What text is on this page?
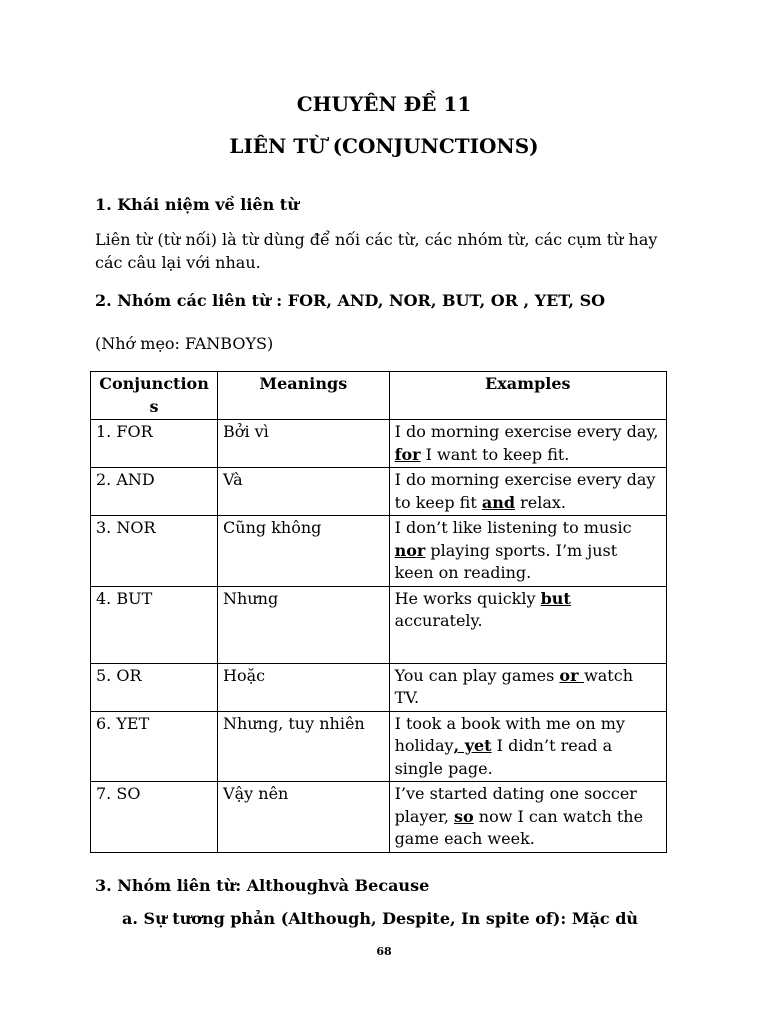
CHUYÊN ĐỀ 11
LIÊN TỪ (CONJUNCTIONS)
1. Khái niệm về liên từ
Liên từ (từ nối) là từ dùng để nối các từ, các nhóm từ, các cụm từ hay các câu lại với nhau.
2. Nhóm các liên từ : FOR, AND, NOR, BUT, OR , YET, SO
(Nhớ mẹo: FANBOYS)
Conjunction s	Meanings	Examples
1. FOR	Bởi vì	I do morning exercise every day, for I want to keep fit.
2. AND	Và	I do morning exercise every day to keep fit and relax.
3. NOR	Cũng không	I don’t like listening to music nor playing sports. I’m just keen on reading.
4. BUT	Nhưng	He works quickly but accurately.
5. OR	Hoặc	You can play games or watch TV.
6. YET	Nhưng, tuy nhiên	I took a book with me on my holiday, yet I didn’t read a single page.
7. SO	Vậy nên	I’ve started dating one soccer player, so now I can watch the game each week.
3. Nhóm liên từ: Althoughvà Because
a. Sự tương phản (Although, Despite, In spite of): Mặc dù
68
